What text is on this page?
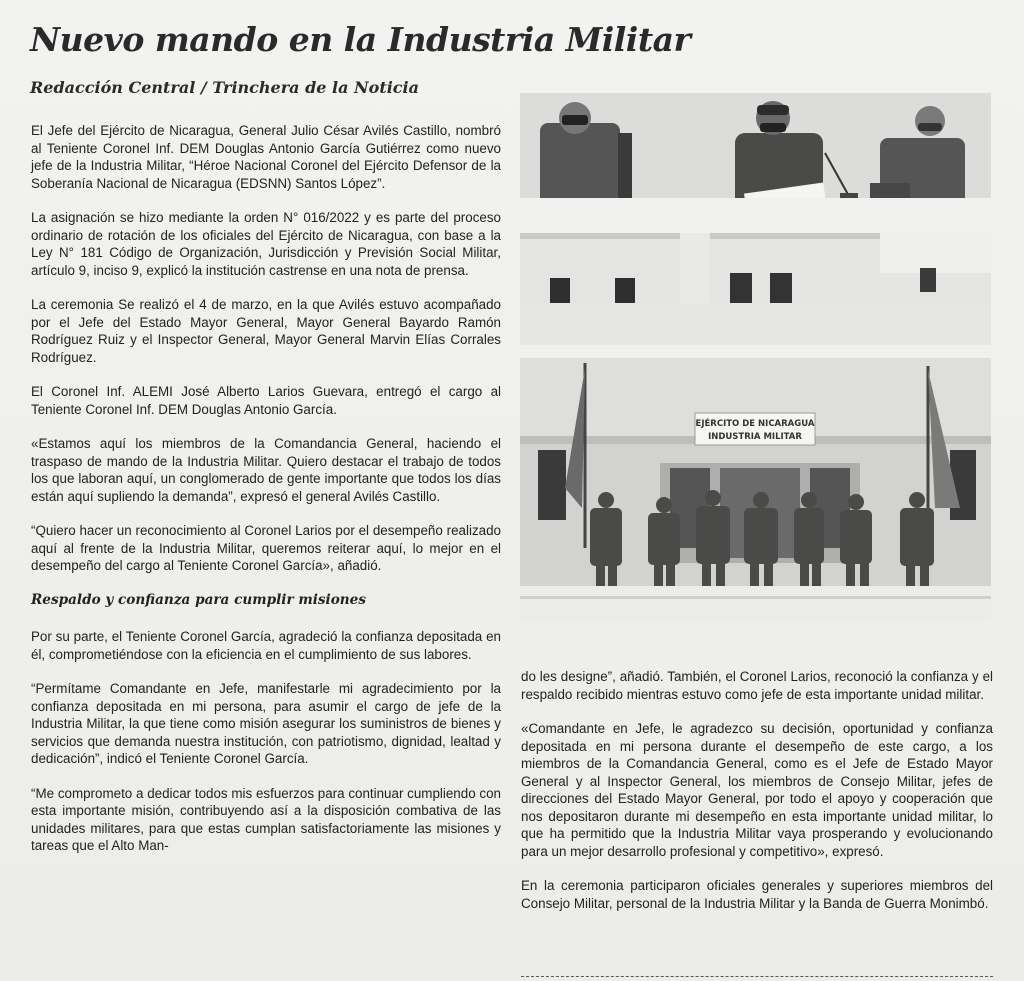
Nuevo mando en la Industria Militar
Redacción Central / Trinchera de la Noticia

El Jefe del Ejército de Nicaragua, General Julio César Avilés Castillo, nombró al Teniente Coronel Inf. DEM Douglas Antonio García Gutiérrez como nuevo jefe de la Industria Militar, “Héroe Nacional Coronel del Ejército Defensor de la Soberanía Nacional de Nicaragua (EDSNN) Santos López”.

La asignación se hizo mediante la orden N° 016/2022 y es parte del proceso ordinario de rotación de los oficiales del Ejército de Nicaragua, con base a la Ley N° 181 Código de Organización, Jurisdicción y Previsión Social Militar, artículo 9, inciso 9, explicó la institución castrense en una nota de prensa.

La ceremonia Se realizó el 4 de marzo, en la que Avilés estuvo acompañado por el Jefe del Estado Mayor General, Mayor General Bayardo Ramón Rodríguez Ruiz y el Inspector General, Mayor General Marvin Elías Corrales Rodríguez.

El Coronel Inf. ALEMI José Alberto Larios Guevara, entregó el cargo al Teniente Coronel Inf. DEM Douglas Antonio García.

«Estamos aquí los miembros de la Comandancia General, haciendo el traspaso de mando de la Industria Militar. Quiero destacar el trabajo de todos los que laboran aquí, un conglomerado de gente importante que todos los días están aquí supliendo la demanda”, expresó el general Avilés Castillo.

“Quiero hacer un reconocimiento al Coronel Larios por el desempeño realizado aquí al frente de la Industria Militar, queremos reiterar aquí, lo mejor en el desempeño del cargo al Teniente Coronel García», añadió.

Respaldo y confianza para cumplir misiones

Por su parte, el Teniente Coronel García, agradeció la confianza depositada en él, comprometiéndose con la eficiencia en el cumplimiento de sus labores.

“Permítame Comandante en Jefe, manifestarle mi agradecimiento por la confianza depositada en mi persona, para asumir el cargo de jefe de la Industria Militar, la que tiene como misión asegurar los suministros de bienes y servicios que demanda nuestra institución, con patriotismo, dignidad, lealtad y dedicación”, indicó el Teniente Coronel García.

“Me comprometo a dedicar todos mis esfuerzos para continuar cumpliendo con esta importante misión, contribuyendo así a la disposición combativa de las unidades militares, para que estas cumplan satisfactoriamente las misiones y tareas que el Alto Man-

EJÉRCITO DE NICARAGUA
INDUSTRIA MILITAR

do les designe”, añadió. También, el Coronel Larios, reconoció la confianza y el respaldo recibido mientras estuvo como jefe de esta importante unidad militar.

«Comandante en Jefe, le agradezco su decisión, oportunidad y confianza depositada en mi persona durante el desempeño de este cargo, a los miembros de la Comandancia General, como es el Jefe de Estado Mayor General y al Inspector General, los miembros de Consejo Militar, jefes de direcciones del Estado Mayor General, por todo el apoyo y cooperación que nos depositaron durante mi desempeño en esta importante unidad militar, lo que ha permitido que la Industria Militar vaya prosperando y evolucionando para un mejor desarrollo profesional y competitivo», expresó.

En la ceremonia participaron oficiales generales y superiores miembros del Consejo Militar, personal de la Industria Militar y la Banda de Guerra Monimbó.
